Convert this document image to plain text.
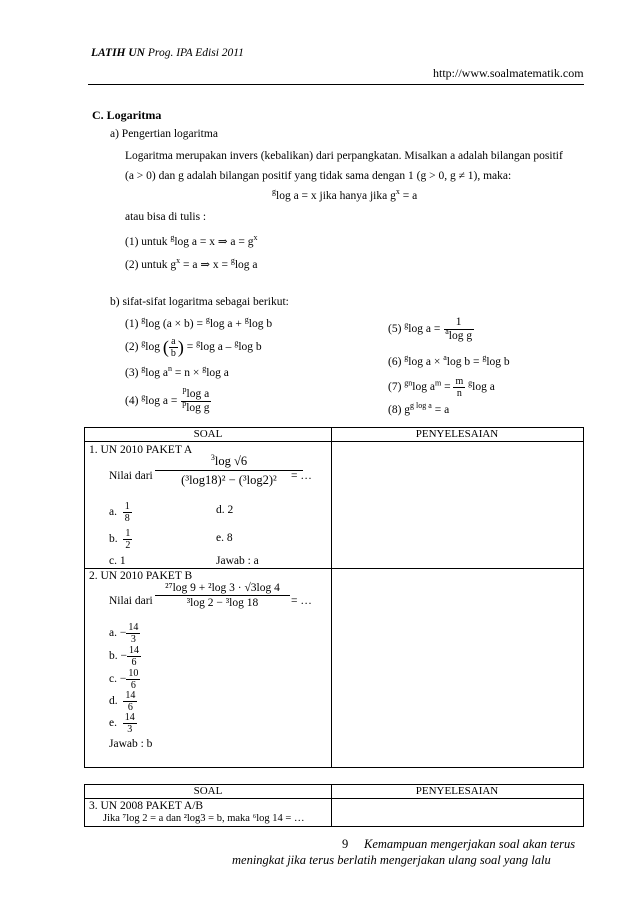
LATIH UN Prog. IPA Edisi 2011
http://www.soalmatematik.com
C. Logaritma
a) Pengertian logaritma
Logaritma merupakan invers (kebalikan) dari perpangkatan. Misalkan a adalah bilangan positif
(a > 0) dan g adalah bilangan positif yang tidak sama dengan 1 (g > 0, g ≠ 1), maka:
$^g$log a = x jika hanya jika $g^x = a$
atau bisa di tulis :
(1) untuk $^g$log a = x ⇒ $a = g^x$
(2) untuk $g^x = a$ ⇒ x = $^g$log a
b) sifat-sifat logaritma sebagai berikut:
(1) $^g$log (a × b) = $^g$log a + $^g$log b
(2) $^g$log ( $\frac{a}{b}$ ) = $^g$log a – $^g$log b
(3) $^g$log $a^n = n \times ^g\log$ a
(4) $^g$log $a = \frac{^p\log a}{^p\log g}$
(5) $^g$log $a = \frac{1}{^a\log g}$
(6) $^g$log a × $^a$log b = $^g$log b
(7) $^{gn}$log $a^m = \frac{m}{n} ^g\log$ a
(8) $g^{g log a} = a$
SOAL	PENYELESAIAN
1. UN 2010 PAKET A
Nilai dari
$^3$log √6
(³log18)² − (³log2)²	= …
a. $\frac{1}{8}$	d. 2
b. $\frac{1}{2}$	e. 8
c. 1	Jawab : a
2. UN 2010 PAKET B
Nilai dari
²⁷log 9 + ²log 3 · √3log 4
³log 2 − ³log 18	= …
a. − $\frac{14}{3}$
b. − $\frac{14}{6}$
c. − $\frac{10}{6}$
d. $\frac{14}{6}$
e. $\frac{14}{3}$
Jawab : b
SOAL	PENYELESAIAN
3. UN 2008 PAKET A/B
Jika ⁷log 2 = a dan ²log3 = b, maka ⁶log 14 = …
9 Kemampuan mengerjakan soal akan terus
meningkat jika terus berlatih mengerjakan ulang soal yang lalu
